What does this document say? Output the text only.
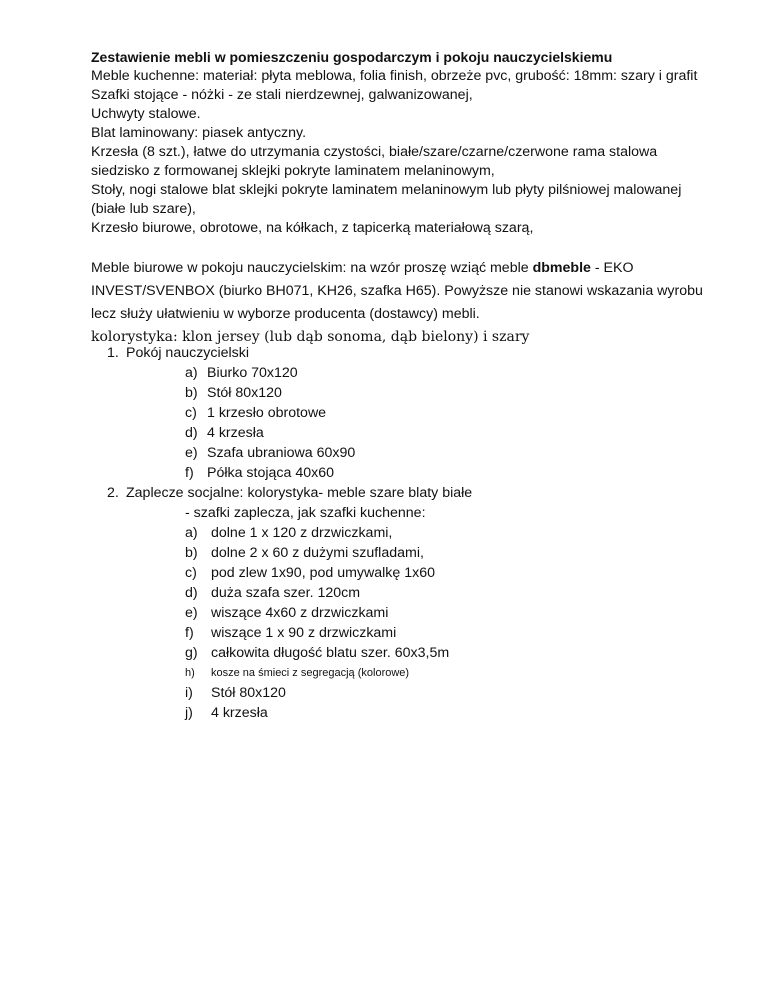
Zestawienie mebli w pomieszczeniu gospodarczym i pokoju nauczycielskiemu

Meble kuchenne: materiał: płyta meblowa, folia finish, obrzeże pvc, grubość: 18mm: szary i grafit

Szafki stojące - nóżki - ze stali nierdzewnej, galwanizowanej,

Uchwyty stalowe.

Blat laminowany: piasek antyczny.

Krzesła (8 szt.), łatwe do utrzymania czystości, białe/szare/czarne/czerwone rama stalowa

siedzisko z formowanej sklejki pokryte laminatem melaninowym,

Stoły, nogi stalowe blat sklejki pokryte laminatem melaninowym lub płyty pilśniowej malowanej

(białe lub szare),

Krzesło biurowe, obrotowe, na kółkach, z tapicerką materiałową szarą,

Meble biurowe w pokoju nauczycielskim: na wzór proszę wziąć meble dbmeble - EKO

INVEST/SVENBOX (biurko BH071, KH26, szafka H65). Powyższe nie stanowi wskazania wyrobu

lecz służy ułatwieniu w wyborze producenta (dostawcy) mebli.

kolorystyka: klon jersey (lub dąb sonoma, dąb bielony) i szary

1. Pokój nauczycielski
a) Biurko 70x120
b) Stół 80x120
c) 1 krzesło obrotowe
d) 4 krzesła
e) Szafa ubraniowa 60x90
f) Półka stojąca 40x60
2. Zaplecze socjalne: kolorystyka- meble szare blaty białe
- szafki zaplecza, jak szafki kuchenne:
a) dolne 1 x 120 z drzwiczkami,
b) dolne 2 x 60 z dużymi szufladami,
c) pod zlew 1x90, pod umywalkę 1x60
d) duża szafa szer. 120cm
e) wiszące 4x60 z drzwiczkami
f) wiszące 1 x 90 z drzwiczkami
g) całkowita długość blatu szer. 60x3,5m
h) kosze na śmieci z segregacją (kolorowe)
i) Stół 80x120
j) 4 krzesła
